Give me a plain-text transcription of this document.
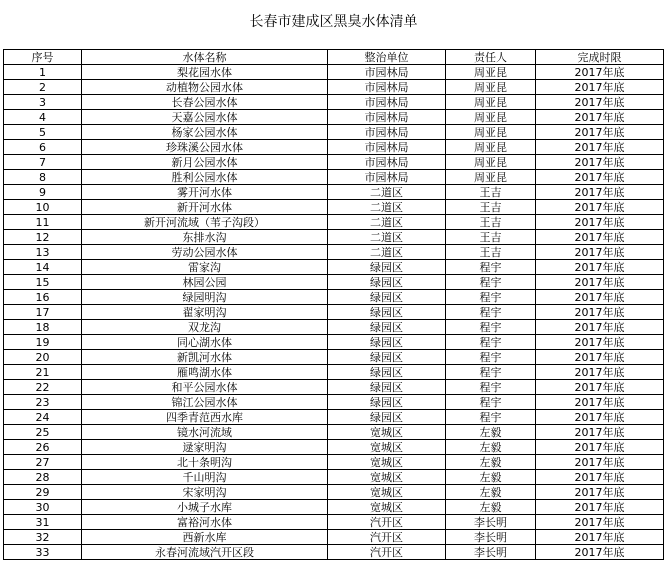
长春市建成区黑臭水体清单
序号	水体名称	整治单位	责任人	完成时限
1	梨花园水体	市园林局	周亚昆	2017年底
2	动植物公园水体	市园林局	周亚昆	2017年底
3	长春公园水体	市园林局	周亚昆	2017年底
4	天嘉公园水体	市园林局	周亚昆	2017年底
5	杨家公园水体	市园林局	周亚昆	2017年底
6	珍珠溪公园水体	市园林局	周亚昆	2017年底
7	新月公园水体	市园林局	周亚昆	2017年底
8	胜利公园水体	市园林局	周亚昆	2017年底
9	雾开河水体	二道区	王吉	2017年底
10	新开河水体	二道区	王吉	2017年底
11	新开河流域（苇子沟段）	二道区	王吉	2017年底
12	东排水沟	二道区	王吉	2017年底
13	劳动公园水体	二道区	王吉	2017年底
14	雷家沟	绿园区	程宇	2017年底
15	林园公园	绿园区	程宇	2017年底
16	绿园明沟	绿园区	程宇	2017年底
17	翟家明沟	绿园区	程宇	2017年底
18	双龙沟	绿园区	程宇	2017年底
19	同心湖水体	绿园区	程宇	2017年底
20	新凯河水体	绿园区	程宇	2017年底
21	雁鸣湖水体	绿园区	程宇	2017年底
22	和平公园水体	绿园区	程宇	2017年底
23	锦江公园水体	绿园区	程宇	2017年底
24	四季青范西水库	绿园区	程宇	2017年底
25	镜水河流域	宽城区	左毅	2017年底
26	逯家明沟	宽城区	左毅	2017年底
27	北十条明沟	宽城区	左毅	2017年底
28	千山明沟	宽城区	左毅	2017年底
29	宋家明沟	宽城区	左毅	2017年底
30	小城子水库	宽城区	左毅	2017年底
31	富裕河水体	汽开区	李长明	2017年底
32	西新水库	汽开区	李长明	2017年底
33	永春河流域汽开区段	汽开区	李长明	2017年底
